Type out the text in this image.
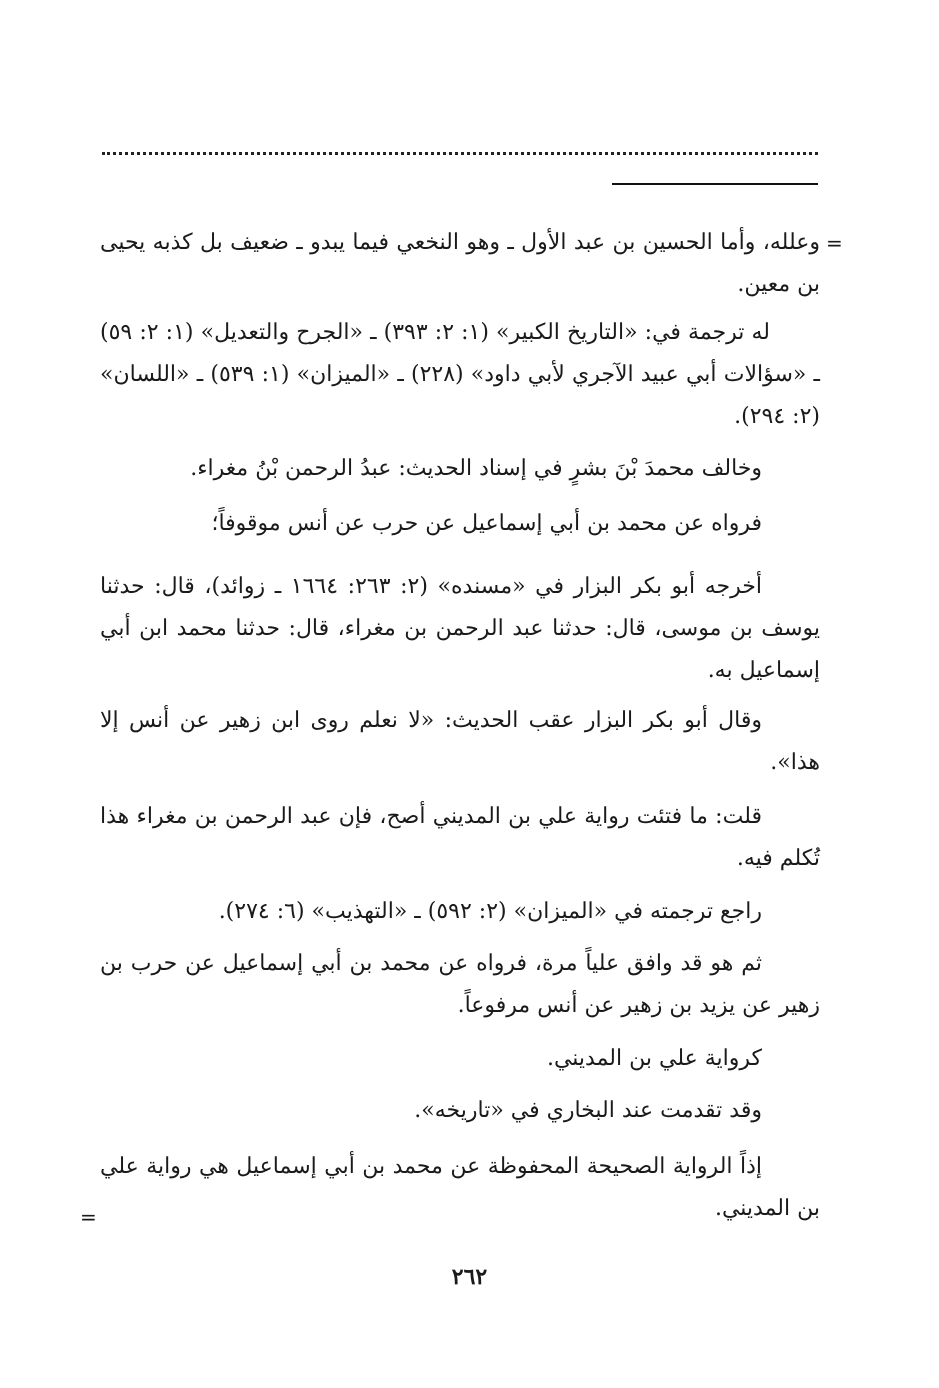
=
وعلله، وأما الحسين بن عبد الأول ـ وهو النخعي فيما يبدو ـ ضعيف بل كذبه يحيى بن معين.
له ترجمة في: «التاريخ الكبير» (١: ٢: ٣٩٣) ـ «الجرح والتعديل» (١: ٢: ٥٩) ـ «سؤالات أبي عبيد الآجري لأبي داود» (٢٢٨) ـ «الميزان» (١: ٥٣٩) ـ «اللسان» (٢: ٢٩٤).
وخالف محمدَ بْنَ بشرٍ في إسناد الحديث: عبدُ الرحمن بْنُ مغراء.
فرواه عن محمد بن أبي إسماعيل عن حرب عن أنس موقوفاً؛
أخرجه أبو بكر البزار في «مسنده» (٢: ٢٦٣: ١٦٦٤ ـ زوائد)، قال: حدثنا يوسف بن موسى، قال: حدثنا عبد الرحمن بن مغراء، قال: حدثنا محمد ابن أبي إسماعيل به.
وقال أبو بكر البزار عقب الحديث: «لا نعلم روى ابن زهير عن أنس إلا هذا».
قلت: ما فتئت رواية علي بن المديني أصح، فإن عبد الرحمن بن مغراء هذا تُكلم فيه.
راجع ترجمته في «الميزان» (٢: ٥٩٢) ـ «التهذيب» (٦: ٢٧٤).
ثم هو قد وافق علياً مرة، فرواه عن محمد بن أبي إسماعيل عن حرب بن زهير عن يزيد بن زهير عن أنس مرفوعاً.
كرواية علي بن المديني.
وقد تقدمت عند البخاري في «تاريخه».
إذاً الرواية الصحيحة المحفوظة عن محمد بن أبي إسماعيل هي رواية علي بن المديني.
=
٢٦٢
